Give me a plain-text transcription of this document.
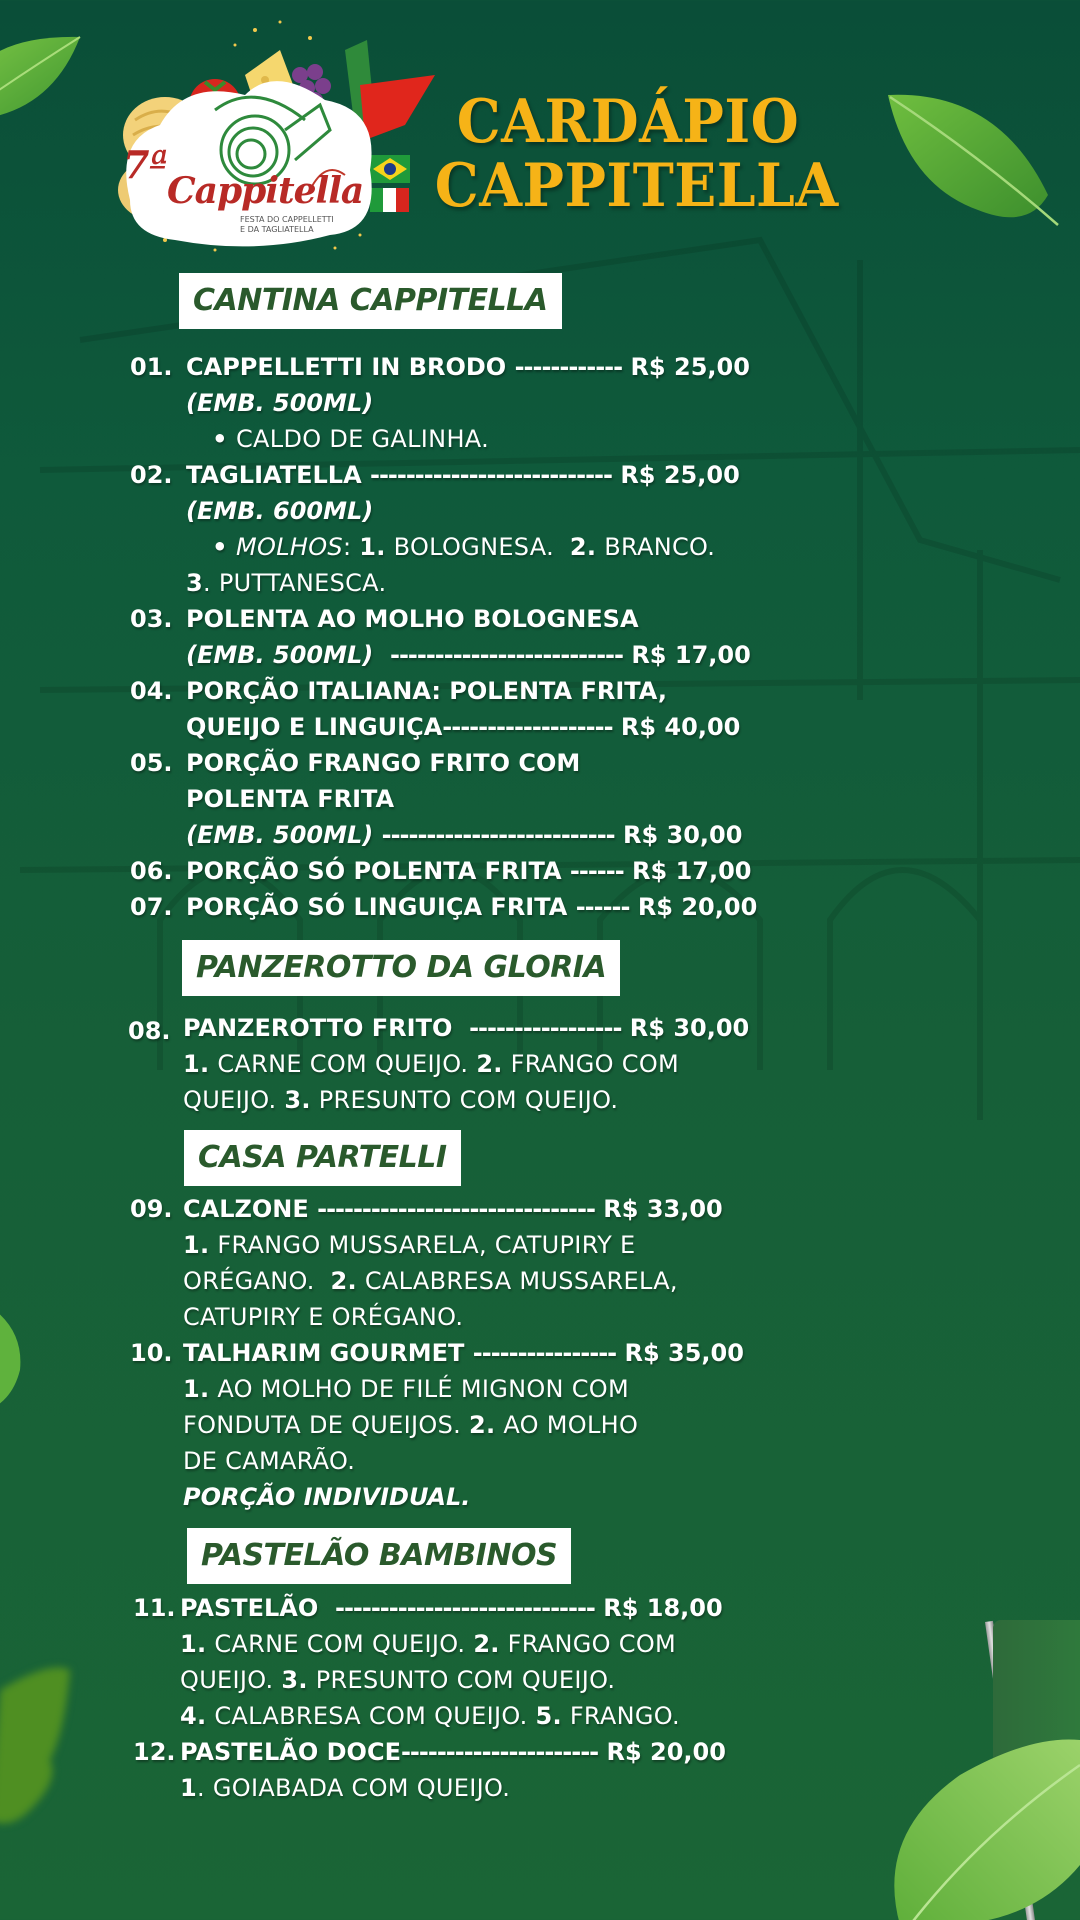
7ª
Cappitella
FESTA DO CAPPELLETTI
E DA TAGLIATELLA
CARDÁPIO
CAPPITELLA
CANTINA CAPPITELLA
01. CAPPELLETTI IN BRODO ------------ R$ 25,00
(EMB. 500ML)
• CALDO DE GALINHA.
02. TAGLIATELLA --------------------------- R$ 25,00
(EMB. 600ML)
• MOLHOS: 1. BOLOGNESA. 2. BRANCO.
3. PUTTANESCA.
03. POLENTA AO MOLHO BOLOGNESA
(EMB. 500ML) -------------------------- R$ 17,00
04. PORÇÃO ITALIANA: POLENTA FRITA,
QUEIJO E LINGUIÇA------------------- R$ 40,00
05. PORÇÃO FRANGO FRITO COM
POLENTA FRITA
(EMB. 500ML) -------------------------- R$ 30,00
06. PORÇÃO SÓ POLENTA FRITA ------ R$ 17,00
07. PORÇÃO SÓ LINGUIÇA FRITA ------ R$ 20,00
PANZEROTTO DA GLORIA
08. PANZEROTTO FRITO ----------------- R$ 30,00
1. CARNE COM QUEIJO. 2. FRANGO COM
QUEIJO. 3. PRESUNTO COM QUEIJO.
CASA PARTELLI
09. CALZONE ------------------------------- R$ 33,00
1. FRANGO MUSSARELA, CATUPIRY E
ORÉGANO. 2. CALABRESA MUSSARELA,
CATUPIRY E ORÉGANO.
10. TALHARIM GOURMET ---------------- R$ 35,00
1. AO MOLHO DE FILÉ MIGNON COM
FONDUTA DE QUEIJOS. 2. AO MOLHO
DE CAMARÃO.
PORÇÃO INDIVIDUAL.
PASTELÃO BAMBINOS
11. PASTELÃO ----------------------------- R$ 18,00
1. CARNE COM QUEIJO. 2. FRANGO COM
QUEIJO. 3. PRESUNTO COM QUEIJO.
4. CALABRESA COM QUEIJO. 5. FRANGO.
12. PASTELÃO DOCE---------------------- R$ 20,00
1. GOIABADA COM QUEIJO.
